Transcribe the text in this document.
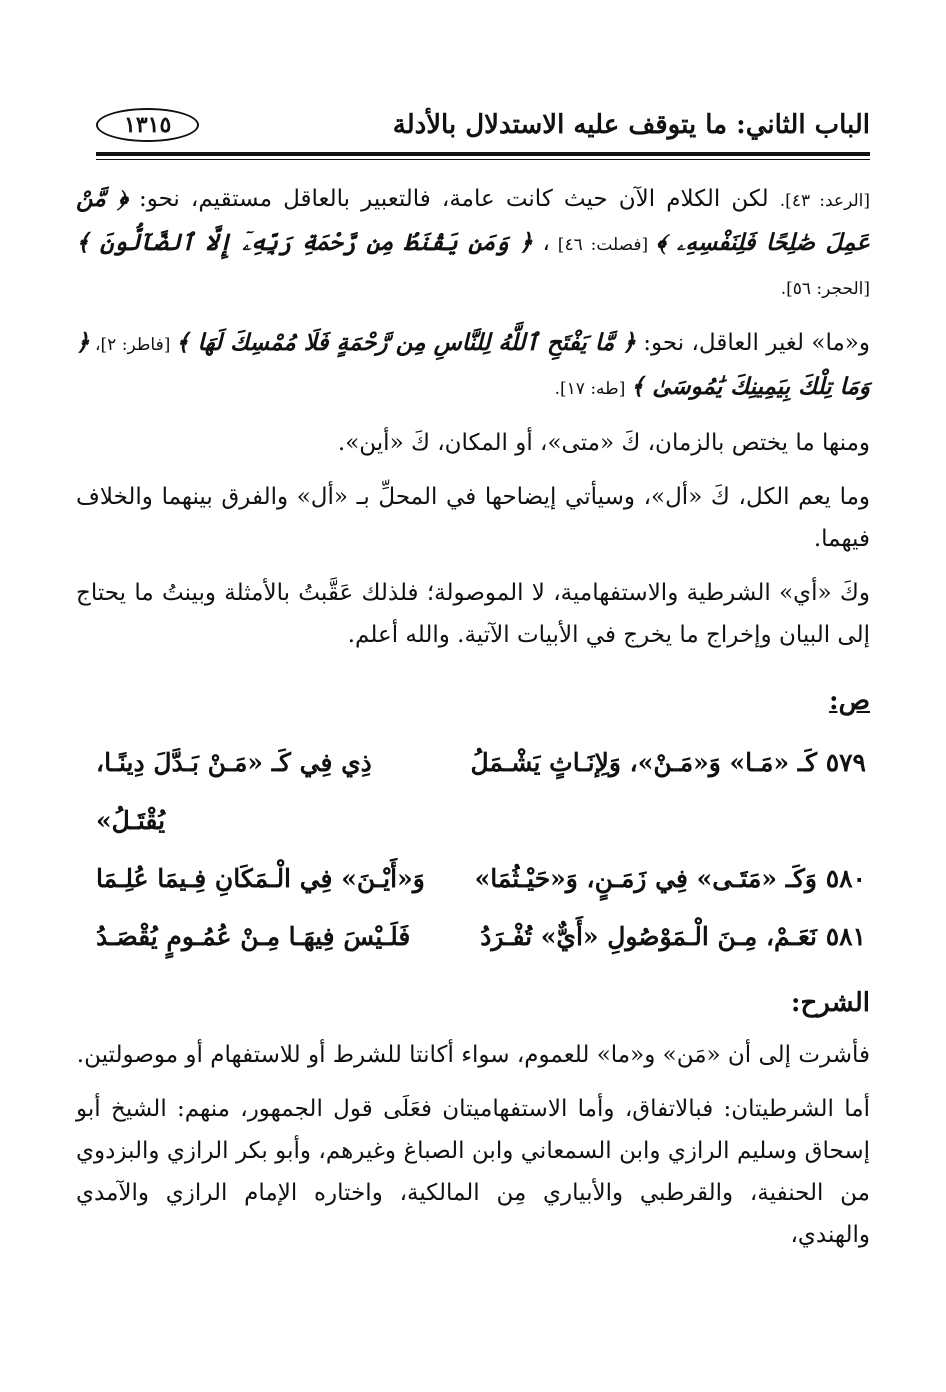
الباب الثاني: ما يتوقف عليه الاستدلال بالأدلة
١٣١٥

[الرعد: ٤٣]. لكن الكلام الآن حيث كانت عامة، فالتعبير بالعاقل مستقيم، نحو: ﴿ مَّنْ عَمِلَ صَٰلِحًا فَلِنَفْسِهِۦ ﴾ [فصلت: ٤٦] ، ﴿ وَمَن يَقْنَطُ مِن رَّحْمَةِ رَبِّهِۦٓ إِلَّا ٱلضَّآلُّونَ ﴾ [الحجر: ٥٦].

و«ما» لغير العاقل، نحو: ﴿ مَّا يَفْتَحِ ٱللَّهُ لِلنَّاسِ مِن رَّحْمَةٍ فَلَا مُمْسِكَ لَهَا ﴾ [فاطر: ٢]، ﴿ وَمَا تِلْكَ بِيَمِينِكَ يَٰمُوسَىٰ ﴾ [طه: ١٧].

ومنها ما يختص بالزمان، كَ «متى»، أو المكان، كَ «أين».

وما يعم الكل، كَ «أل»، وسيأتي إيضاحها في المحلِّ بـ «أل» والفرق بينهما والخلاف فيهما.

وكَ «أي» الشرطية والاستفهامية، لا الموصولة؛ فلذلك عَقَّبتُ بالأمثلة وبينتُ ما يحتاج إلى البيان وإخراج ما يخرج في الأبيات الآتية. والله أعلم.

ص:
٥٧٩ كَـ «مَـا» وَ«مَـنْ»، وَلِإنَـاثٍ يَشْـمَلُ
ذِي فِي كَـ «مَـنْ بَـدَّلَ دِينًـا، يُقْتَـلُ»
٥٨٠ وَكَـ «مَتَـى» فِي زَمَـنٍ، وَ«حَيْـثُمَا»
وَ«أَيْـنَ» فِي الْـمَكَانِ فِـيمَا عُلِـمَا
٥٨١ نَعَـمْ، مِـنَ الْـمَوْصُولِ «أَيٌّ» تُفْـرَدُ
فَلَـيْسَ فِيهَـا مِـنْ عُمُـومٍ يُقْصَـدُ
الشرح:

فأشرت إلى أن «مَن» و«ما» للعموم، سواء أكانتا للشرط أو للاستفهام أو موصولتين.

أما الشرطيتان: فبالاتفاق، وأما الاستفهاميتان فعَلَى قول الجمهور، منهم: الشيخ أبو إسحاق وسليم الرازي وابن السمعاني وابن الصباغ وغيرهم، وأبو بكر الرازي والبزدوي من الحنفية، والقرطبي والأبياري مِن المالكية، واختاره الإمام الرازي والآمدي والهندي،
